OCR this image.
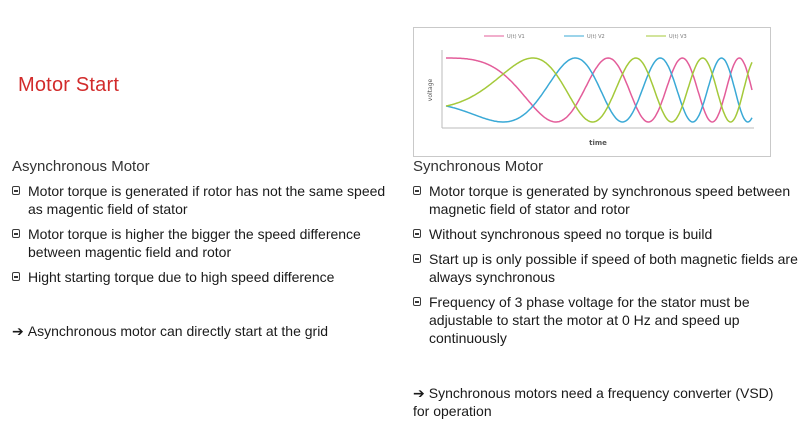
Motor Start
U(t) V1	U(t) V2	U(t) V3
voltage
time
Asynchronous Motor
Motor torque is generated if rotor has not the same speed as magentic field of stator
Motor torque is higher the bigger the speed difference between magentic field and rotor
Hight starting torque due to high speed difference
➔ Asynchronous motor can directly start at the grid
Synchronous Motor
Motor torque is generated by synchronous speed between magnetic field of stator and rotor
Without synchronous speed no torque is build
Start up is only possible if speed of both magnetic fields are always synchronous
Frequency of 3 phase voltage for the stator must be adjustable to start the motor at 0 Hz and speed up continuously
➔ Synchronous motors need a frequency converter (VSD) for operation
